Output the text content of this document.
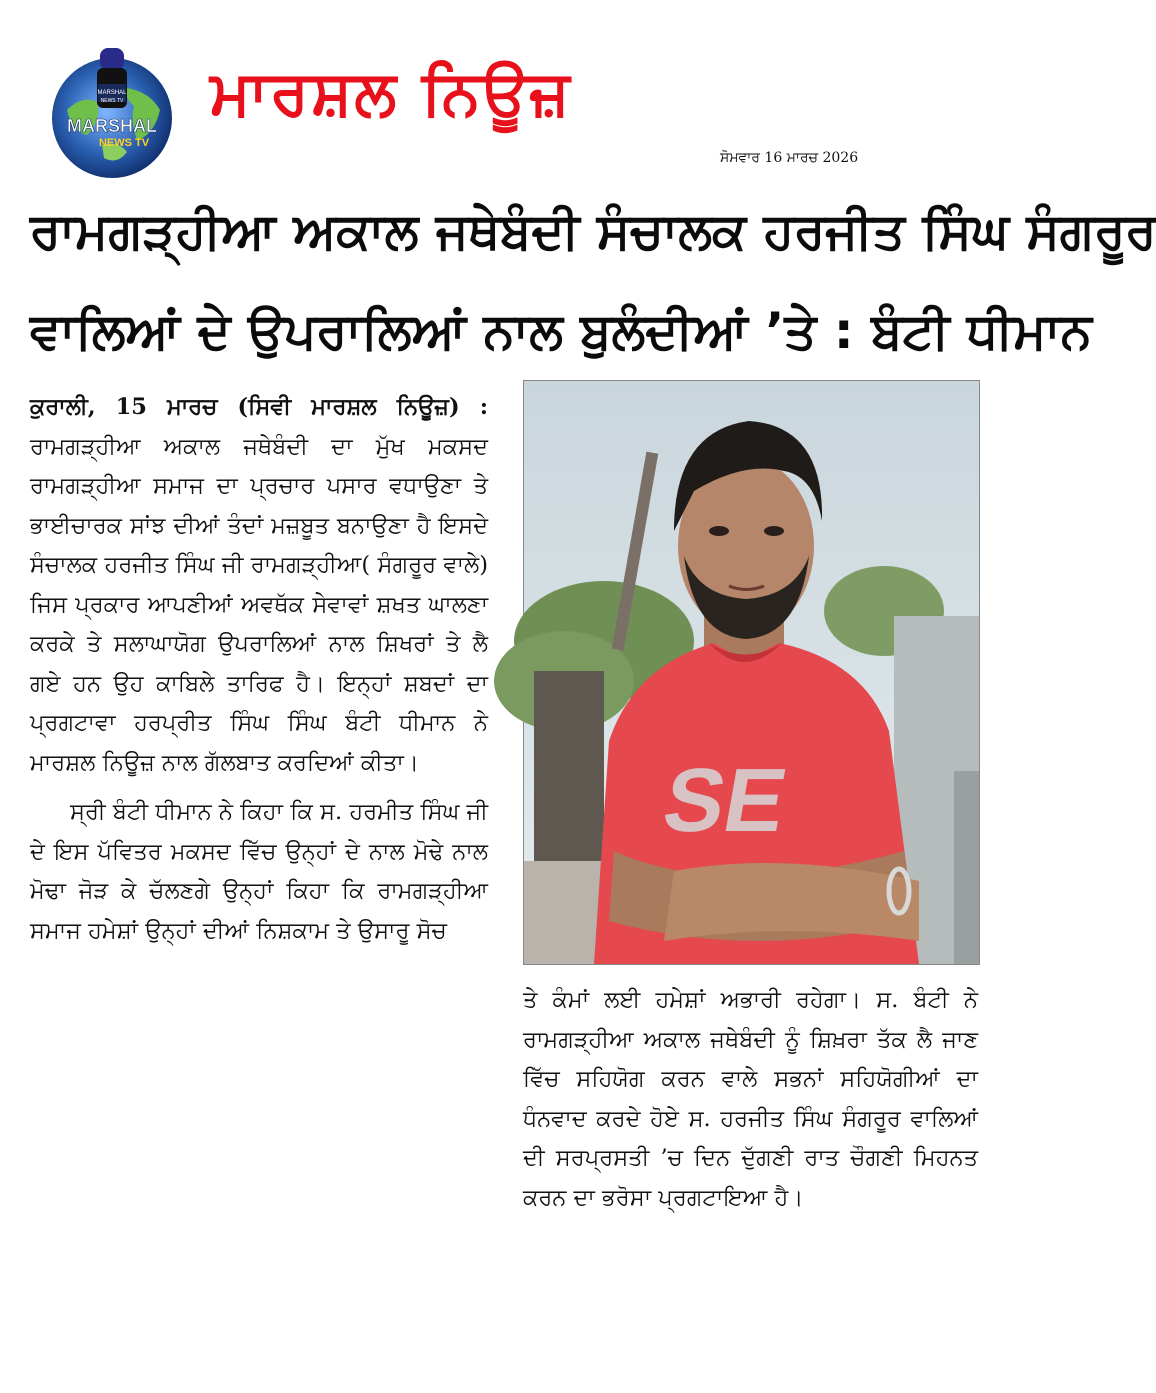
MARSHAL
NEWS TV
MARSHAL
NEWS TV
ਮਾਰਸ਼ਲ ਨਿਊਜ਼
ਸੋਮਵਾਰ 16 ਮਾਰਚ 2026
ਰਾਮਗੜ੍ਹੀਆ ਅਕਾਲ ਜਥੇਬੰਦੀ ਸੰਚਾਲਕ ਹਰਜੀਤ ਸਿੰਘ ਸੰਗਰੂਰ
ਵਾਲਿਆਂ ਦੇ ਉਪਰਾਲਿਆਂ ਨਾਲ ਬੁਲੰਦੀਆਂ ’ਤੇ : ਬੰਟੀ ਧੀਮਾਨ

ਕੁਰਾਲੀ, 15 ਮਾਰਚ (ਸਿਵੀ ਮਾਰਸ਼ਲ ਨਿਊਜ਼) : ਰਾਮਗੜ੍ਹੀਆ ਅਕਾਲ ਜਥੇਬੰਦੀ ਦਾ ਮੁੱਖ ਮਕਸਦ ਰਾਮਗੜ੍ਹੀਆ ਸਮਾਜ ਦਾ ਪ੍ਰਚਾਰ ਪਸਾਰ ਵਧਾਉਣਾ ਤੇ ਭਾਈਚਾਰਕ ਸਾਂਝ ਦੀਆਂ ਤੰਦਾਂ ਮਜ਼ਬੂਤ ਬਨਾਉਣਾ ਹੈ ਇਸਦੇ ਸੰਚਾਲਕ ਹਰਜੀਤ ਸਿੰਘ ਜੀ ਰਾਮਗੜ੍ਹੀਆ( ਸੰਗਰੂਰ ਵਾਲੇ) ਜਿਸ ਪ੍ਰਕਾਰ ਆਪਣੀਆਂ ਅਵਥੱਕ ਸੇਵਾਵਾਂ ਸ਼ਖਤ ਘਾਲਣਾ ਕਰਕੇ ਤੇ ਸਲਾਘਾਯੋਗ ਉਪਰਾਲਿਆਂ ਨਾਲ ਸ਼ਿਖਰਾਂ ਤੇ ਲੈ ਗਏ ਹਨ ਉਹ ਕਾਬਿਲੇ ਤਾਰਿਫ ਹੈ। ਇਨ੍ਹਾਂ ਸ਼ਬਦਾਂ ਦਾ ਪ੍ਰਗਟਾਵਾ ਹਰਪ੍ਰੀਤ ਸਿੰਘ ਸਿੰਘ ਬੰਟੀ ਧੀਮਾਨ ਨੇ ਮਾਰਸ਼ਲ ਨਿਊਜ਼ ਨਾਲ ਗੱਲਬਾਤ ਕਰਦਿਆਂ ਕੀਤਾ।

ਸ੍ਰੀ ਬੰਟੀ ਧੀਮਾਨ ਨੇ ਕਿਹਾ ਕਿ ਸ. ਹਰਮੀਤ ਸਿੰਘ ਜੀ ਦੇ ਇਸ ਪੱਵਿਤਰ ਮਕਸਦ ਵਿੱਚ ਉਨ੍ਹਾਂ ਦੇ ਨਾਲ ਮੋਢੇ ਨਾਲ ਮੋਢਾ ਜੋੜ ਕੇ ਚੱਲਣਗੇ ਉਨ੍ਹਾਂ ਕਿਹਾ ਕਿ ਰਾਮਗੜ੍ਹੀਆ ਸਮਾਜ ਹਮੇਸ਼ਾਂ ਉਨ੍ਹਾਂ ਦੀਆਂ ਨਿਸ਼ਕਾਮ ਤੇ ਉਸਾਰੂ ਸੋਚ

SE

ਤੇ ਕੰਮਾਂ ਲਈ ਹਮੇਸ਼ਾਂ ਅਭਾਰੀ ਰਹੇਗਾ। ਸ. ਬੰਟੀ ਨੇ ਰਾਮਗੜ੍ਹੀਆ ਅਕਾਲ ਜਥੇਬੰਦੀ ਨੂੰ ਸ਼ਿਖ਼ਰਾ ਤੱਕ ਲੈ ਜਾਣ ਵਿੱਚ ਸਹਿਯੋਗ ਕਰਨ ਵਾਲੇ ਸਭਨਾਂ ਸਹਿਯੋਗੀਆਂ ਦਾ ਧੰਨਵਾਦ ਕਰਦੇ ਹੋਏ ਸ. ਹਰਜੀਤ ਸਿੰਘ ਸੰਗਰੂਰ ਵਾਲਿਆਂ ਦੀ ਸਰਪ੍ਰਸਤੀ ’ਚ ਦਿਨ ਦੁੱਗਣੀ ਰਾਤ ਚੌਗਣੀ ਮਿਹਨਤ ਕਰਨ ਦਾ ਭਰੋਸਾ ਪ੍ਰਗਟਾਇਆ ਹੈ।
